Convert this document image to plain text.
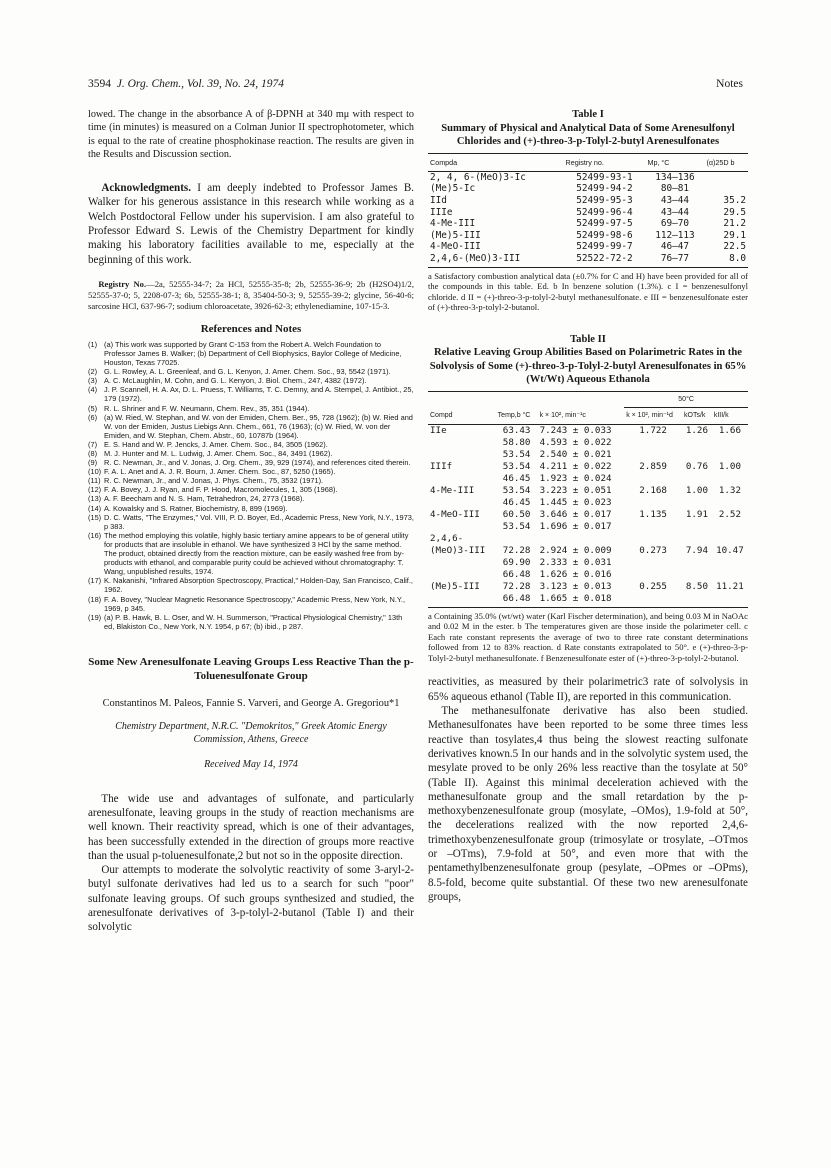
3594 J. Org. Chem., Vol. 39, No. 24, 1974	Notes

lowed. The change in the absorbance A of β-DPNH at 340 mμ with respect to time (in minutes) is measured on a Colman Junior II spectrophotometer, which is equal to the rate of creatine phosphokinase reaction. The results are given in the Results and Discussion section.

Acknowledgments. I am deeply indebted to Professor James B. Walker for his generous assistance in this research while working as a Welch Postdoctoral Fellow under his supervision. I am also grateful to Professor Edward S. Lewis of the Chemistry Department for kindly making his laboratory facilities available to me, especially at the beginning of this work.

Registry No.—2a, 52555-34-7; 2a HCl, 52555-35-8; 2b, 52555-36-9; 2b (H2SO4)1/2, 52555-37-0; 5, 2208-07-3; 6b, 52555-38-1; 8, 35404-50-3; 9, 52555-39-2; glycine, 56-40-6; sarcosine HCl, 637-96-7; sodium chloroacetate, 3926-62-3; ethylenediamine, 107-15-3.

References and Notes
(1) (a) This work was supported by Grant C-153 from the Robert A. Welch Foundation to Professor James B. Walker; (b) Department of Cell Biophysics, Baylor College of Medicine, Houston, Texas 77025.
(2) G. L. Rowley, A. L. Greenleaf, and G. L. Kenyon, J. Amer. Chem. Soc., 93, 5542 (1971).
(3) A. C. McLaughlin, M. Cohn, and G. L. Kenyon, J. Biol. Chem., 247, 4382 (1972).
(4) J. P. Scannell, H. A. Ax, D. L. Pruess, T. Williams, T. C. Demny, and A. Stempel, J. Antibiot., 25, 179 (1972).
(5) R. L. Shriner and F. W. Neumann, Chem. Rev., 35, 351 (1944).
(6) (a) W. Ried, W. Stephan, and W. von der Emiden, Chem. Ber., 95, 728 (1962); (b) W. Ried and W. von der Emiden, Justus Liebigs Ann. Chem., 661, 76 (1963); (c) W. Ried, W. von der Emiden, and W. Stephan, Chem. Abstr., 60, 10787b (1964).
(7) E. S. Hand and W. P. Jencks, J. Amer. Chem. Soc., 84, 3505 (1962).
(8) M. J. Hunter and M. L. Ludwig, J. Amer. Chem. Soc., 84, 3491 (1962).
(9) R. C. Newman, Jr., and V. Jonas, J. Org. Chem., 39, 929 (1974), and references cited therein.
(10) F. A. L. Anet and A. J. R. Bourn, J. Amer. Chem. Soc., 87, 5250 (1965).
(11) R. C. Newman, Jr., and V. Jonas, J. Phys. Chem., 75, 3532 (1971).
(12) F. A. Bovey, J. J. Ryan, and F. P. Hood, Macromolecules, 1, 305 (1968).
(13) A. F. Beecham and N. S. Ham, Tetrahedron, 24, 2773 (1968).
(14) A. Kowalsky and S. Ratner, Biochemistry, 8, 899 (1969).
(15) D. C. Watts, "The Enzymes," Vol. VIII, P. D. Boyer, Ed., Academic Press, New York, N.Y., 1973, p 383.
(16) The method employing this volatile, highly basic tertiary amine appears to be of general utility for products that are insoluble in ethanol. We have synthesized 3 HCl by the same method. The product, obtained directly from the reaction mixture, can be easily washed free from by-products with ethanol, and comparable purity could be achieved without chromatography: T. Wang, unpublished results, 1974.
(17) K. Nakanishi, "Infrared Absorption Spectroscopy, Practical," Holden-Day, San Francisco, Calif., 1962.
(18) F. A. Bovey, "Nuclear Magnetic Resonance Spectroscopy," Academic Press, New York, N.Y., 1969, p 345.
(19) (a) P. B. Hawk, B. L. Oser, and W. H. Summerson, "Practical Physiological Chemistry," 13th ed, Blakiston Co., New York, N.Y. 1954, p 67; (b) ibid., p 287.
Some New Arenesulfonate Leaving Groups Less Reactive Than the p-Toluenesulfonate Group
Constantinos M. Paleos, Fannie S. Varveri, and George A. Gregoriou*1
Chemistry Department, N.R.C. "Demokritos," Greek Atomic Energy Commission, Athens, Greece
Received May 14, 1974

The wide use and advantages of sulfonate, and particularly arenesulfonate, leaving groups in the study of reaction mechanisms are well known. Their reactivity spread, which is one of their advantages, has been successfully extended in the direction of groups more reactive than the usual p-toluenesulfonate,2 but not so in the opposite direction.

Our attempts to moderate the solvolytic reactivity of some 3-aryl-2-butyl sulfonate derivatives had led us to a search for such "poor" sulfonate leaving groups. Of such groups synthesized and studied, the arenesulfonate derivatives of 3-p-tolyl-2-butanol (Table I) and their solvolytic

Table I
Summary of Physical and Analytical Data of Some Arenesulfonyl Chlorides and (+)-threo-3-p-Tolyl-2-butyl Arenesulfonates
Compda	Registry no.	Mp, °C	(α)25D b
2, 4, 6-(MeO)3-Ic	52499-93-1	134–136	
(Me)5-Ic	52499-94-2	80–81	
IId	52499-95-3	43–44	35.2
IIIe	52499-96-4	43–44	29.5
4-Me-III	52499-97-5	69–70	21.2
(Me)5-III	52499-98-6	112–113	29.1
4-MeO-III	52499-99-7	46–47	22.5
2,4,6-(MeO)3-III	52522-72-2	76–77	8.0
a Satisfactory combustion analytical data (±0.7% for C and H) have been provided for all of the compounds in this table. Ed. b In benzene solution (1.3%). c I = benzenesulfonyl chloride. d II = (+)-threo-3-p-tolyl-2-butyl methanesulfonate. e III = benzenesulfonate ester of (+)-threo-3-p-tolyl-2-butanol.
Table II
Relative Leaving Group Abilities Based on Polarimetric Rates in the Solvolysis of Some (+)-threo-3-p-Tolyl-2-butyl Arenesulfonates in 65% (Wt/Wt) Aqueous Ethanola
			50°C		
Compd	Temp,b °C	k × 10², min⁻¹c	k × 10², min⁻¹d	kOTs/k	kIII/k
IIe	63.43	7.243 ± 0.033	1.722	1.26	1.66
	58.80	4.593 ± 0.022			
	53.54	2.540 ± 0.021			
IIIf	53.54	4.211 ± 0.022	2.859	0.76	1.00
	46.45	1.923 ± 0.024			
4-Me-III	53.54	3.223 ± 0.051	2.168	1.00	1.32
	46.45	1.445 ± 0.023			
4-MeO-III	60.50	3.646 ± 0.017	1.135	1.91	2.52
	53.54	1.696 ± 0.017			
2,4,6-					
(MeO)3-III	72.28	2.924 ± 0.009	0.273	7.94	10.47
	69.90	2.333 ± 0.031			
	66.48	1.626 ± 0.016			
(Me)5-III	72.28	3.123 ± 0.013	0.255	8.50	11.21
	66.48	1.665 ± 0.018			
a Containing 35.0% (wt/wt) water (Karl Fischer determination), and being 0.03 M in NaOAc and 0.02 M in the ester. b The temperatures given are those inside the polarimeter cell. c Each rate constant represents the average of two to three rate constant determinations followed from 12 to 83% reaction. d Rate constants extrapolated to 50°. e (+)-threo-3-p-Tolyl-2-butyl methanesulfonate. f Benzenesulfonate ester of (+)-threo-3-p-tolyl-2-butanol.

reactivities, as measured by their polarimetric3 rate of solvolysis in 65% aqueous ethanol (Table II), are reported in this communication.

The methanesulfonate derivative has also been studied. Methanesulfonates have been reported to be some three times less reactive than tosylates,4 thus being the slowest reacting sulfonate derivatives known.5 In our hands and in the solvolytic system used, the mesylate proved to be only 26% less reactive than the tosylate at 50° (Table II). Against this minimal deceleration achieved with the methanesulfonate group and the small retardation by the p-methoxybenzenesulfonate group (mosylate, –OMos), 1.9-fold at 50°, the decelerations realized with the now reported 2,4,6-trimethoxybenzenesulfonate group (trimosylate or trosylate, –OTmos or –OTms), 7.9-fold at 50°, and even more that with the pentamethylbenzenesulfonate group (pesylate, –OPmes or –OPms), 8.5-fold, become quite substantial. Of these two new arenesulfonate groups,
